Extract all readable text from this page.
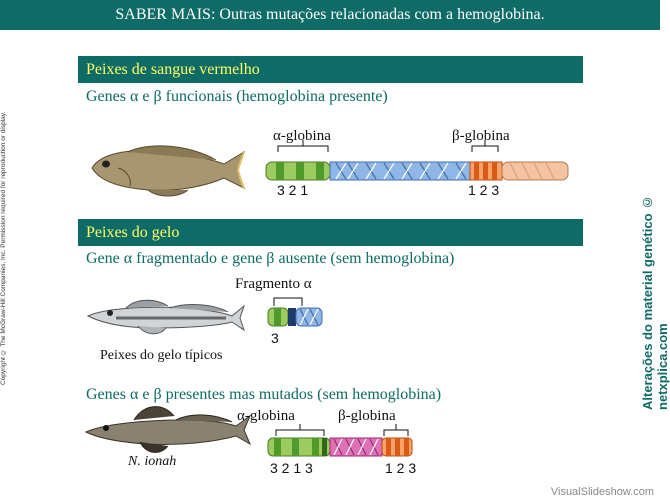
SABER MAIS: Outras mutações relacionadas com a hemoglobina.
Copyright © The McGraw-Hill Companies, Inc. Permission required for reproduction or display.	Alterações do material genético © netxplica.com
Peixes de sangue vermelho
Genes α e β funcionais (hemoglobina presente)
α-globina	β-globina
3 2 1	1 2 3
Peixes do gelo
Gene α fragmentado e gene β ausente (sem hemoglobina)
Peixes do gelo típicos
Fragmento α
3
Genes α e β presentes mas mutados (sem hemoglobina)
N. ionah
α-globina	β-globina
3 2 1 3	1 2 3
VisualSlideshow.com
